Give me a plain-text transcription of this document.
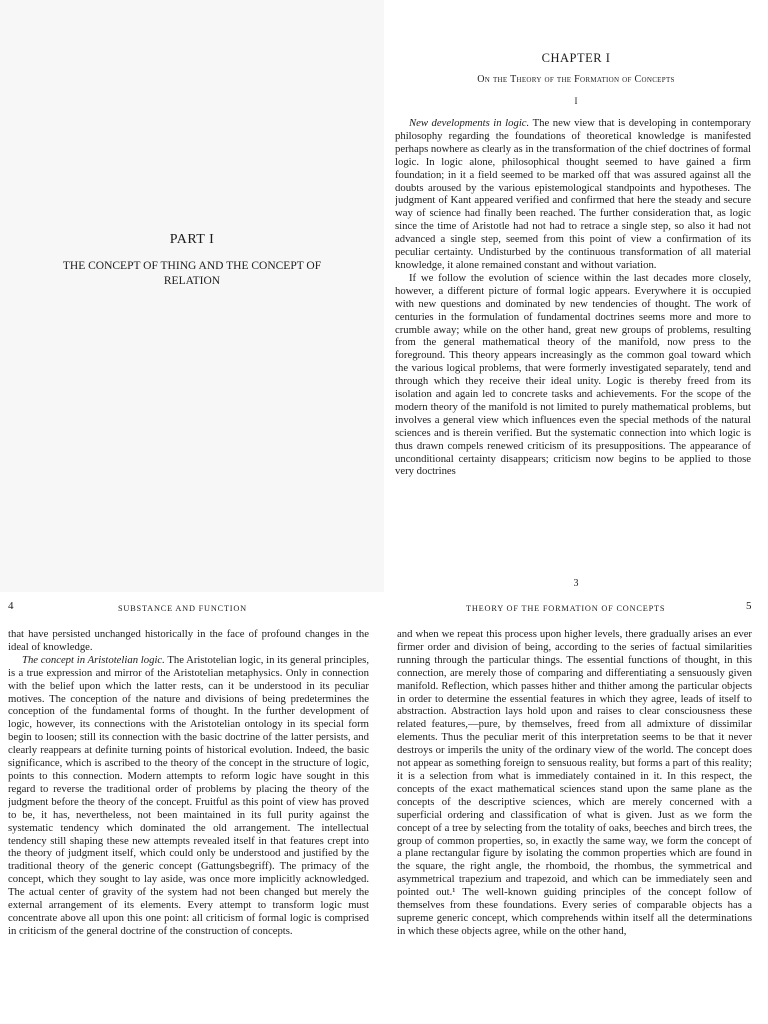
PART I
THE CONCEPT OF THING AND THE CONCEPT OF RELATION
CHAPTER I
On the Theory of the Formation of Concepts
I

New developments in logic. The new view that is developing in contemporary philosophy regarding the foundations of theoretical knowledge is manifested perhaps nowhere as clearly as in the transformation of the chief doctrines of formal logic. In logic alone, philosophical thought seemed to have gained a firm foundation; in it a field seemed to be marked off that was assured against all the doubts aroused by the various epistemological standpoints and hypotheses. The judgment of Kant appeared verified and confirmed that here the steady and secure way of science had finally been reached. The further consideration that, as logic since the time of Aristotle had not had to retrace a single step, so also it had not advanced a single step, seemed from this point of view a confirmation of its peculiar certainty. Undisturbed by the continuous transformation of all material knowledge, it alone remained constant and without variation.

If we follow the evolution of science within the last decades more closely, however, a different picture of formal logic appears. Everywhere it is occupied with new questions and dominated by new tendencies of thought. The work of centuries in the formulation of fundamental doctrines seems more and more to crumble away; while on the other hand, great new groups of problems, resulting from the general mathematical theory of the manifold, now press to the foreground. This theory appears increasingly as the common goal toward which the various logical problems, that were formerly investigated separately, tend and through which they receive their ideal unity. Logic is thereby freed from its isolation and again led to concrete tasks and achievements. For the scope of the modern theory of the manifold is not limited to purely mathematical problems, but involves a general view which influences even the special methods of the natural sciences and is therein verified. But the systematic connection into which logic is thus drawn compels renewed criticism of its presuppositions. The appearance of unconditional certainty disappears; criticism now begins to be applied to those very doctrines

3
4	SUBSTANCE AND FUNCTION

that have persisted unchanged historically in the face of profound changes in the ideal of knowledge.

The concept in Aristotelian logic. The Aristotelian logic, in its general principles, is a true expression and mirror of the Aristotelian metaphysics. Only in connection with the belief upon which the latter rests, can it be understood in its peculiar motives. The conception of the nature and divisions of being predetermines the conception of the fundamental forms of thought. In the further development of logic, however, its connections with the Aristotelian ontology in its special form begin to loosen; still its connection with the basic doctrine of the latter persists, and clearly reappears at definite turning points of historical evolution. Indeed, the basic significance, which is ascribed to the theory of the concept in the structure of logic, points to this connection. Modern attempts to reform logic have sought in this regard to reverse the traditional order of problems by placing the theory of the judgment before the theory of the concept. Fruitful as this point of view has proved to be, it has, nevertheless, not been maintained in its full purity against the systematic tendency which dominated the old arrangement. The intellectual tendency still shaping these new attempts revealed itself in that features crept into the theory of judgment itself, which could only be understood and justified by the traditional theory of the generic concept (Gattungsbegriff). The primacy of the concept, which they sought to lay aside, was once more implicitly acknowledged. The actual center of gravity of the system had not been changed but merely the external arrangement of its elements. Every attempt to transform logic must concentrate above all upon this one point: all criticism of formal logic is comprised in criticism of the general doctrine of the construction of concepts.

THEORY OF THE FORMATION OF CONCEPTS	5

and when we repeat this process upon higher levels, there gradually arises an ever firmer order and division of being, according to the series of factual similarities running through the particular things. The essential functions of thought, in this connection, are merely those of comparing and differentiating a sensuously given manifold. Reflection, which passes hither and thither among the particular objects in order to determine the essential features in which they agree, leads of itself to abstraction. Abstraction lays hold upon and raises to clear consciousness these related features,—pure, by themselves, freed from all admixture of dissimilar elements. Thus the peculiar merit of this interpretation seems to be that it never destroys or imperils the unity of the ordinary view of the world. The concept does not appear as something foreign to sensuous reality, but forms a part of this reality; it is a selection from what is immediately contained in it. In this respect, the concepts of the exact mathematical sciences stand upon the same plane as the concepts of the descriptive sciences, which are merely concerned with a superficial ordering and classification of what is given. Just as we form the concept of a tree by selecting from the totality of oaks, beeches and birch trees, the group of common properties, so, in exactly the same way, we form the concept of a plane rectangular figure by isolating the common properties which are found in the square, the right angle, the rhomboid, the rhombus, the symmetrical and asymmetrical trapezium and trapezoid, and which can be immediately seen and pointed out.¹ The well-known guiding principles of the concept follow of themselves from these foundations. Every series of comparable objects has a supreme generic concept, which comprehends within itself all the determinations in which these objects agree, while on the other hand,
